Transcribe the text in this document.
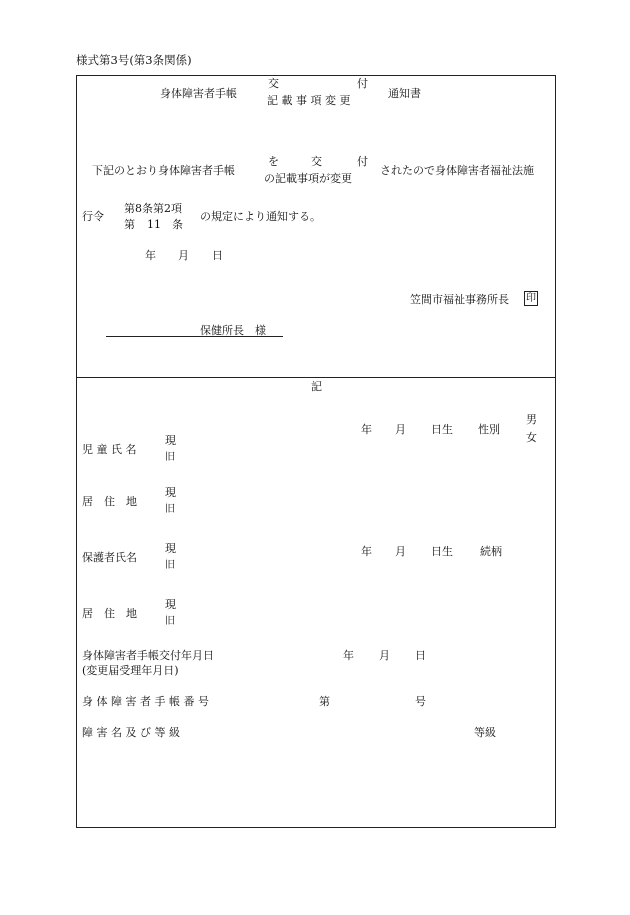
様式第3号(第3条関係)
身体障害者手帳
交	付
記 載 事 項 変 更
通知書
下記のとおり身体障害者手帳
を	交	付
の記載事項が変更
されたので身体障害者福祉法施
行令
第8条第2項
第 11 条
の規定により通知する。
年 月 日
笠間市福祉事務所長 印
保健所長　様
記
年 月 日生 性別
男
女
児 童 氏 名
現
旧
居　住　地
現
旧
保護者氏名
現
旧
年 月 日生 続柄
居　住　地
現
旧
身体障害者手帳交付年月日
(変更届受理年月日)
年 月 日
身 体 障 害 者 手 帳 番 号	第	号
障 害 名 及 び 等 級	等級
